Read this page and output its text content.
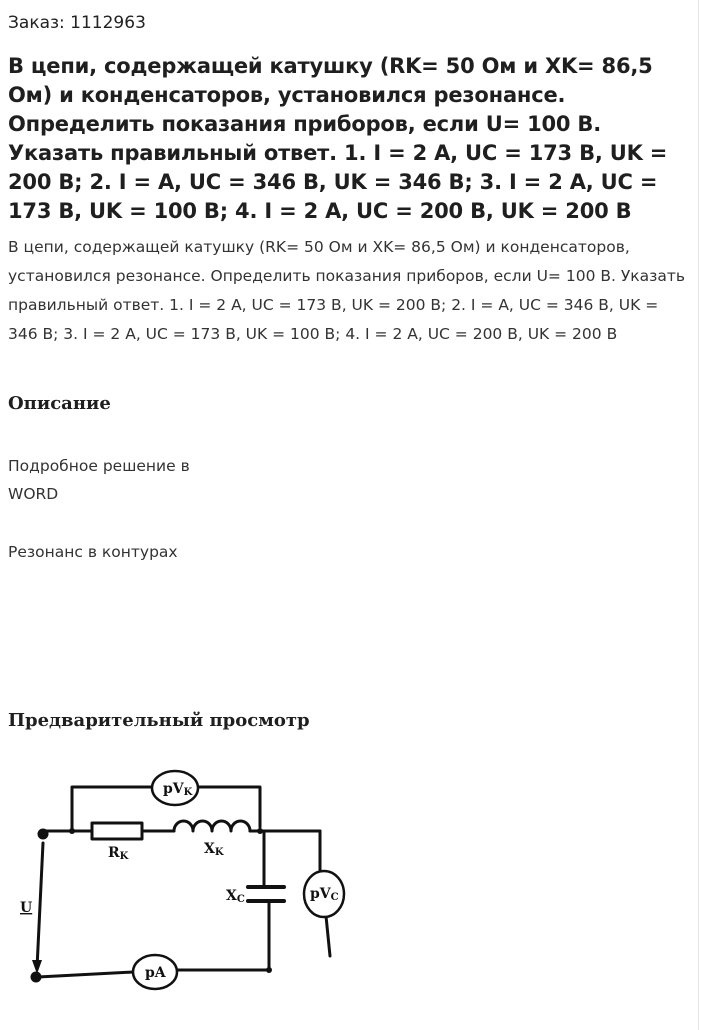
Заказ: 1112963
В цепи, содержащей катушку (RK= 50 Ом и XK= 86,5 Ом) и конденсаторов, установился резонансе. Определить показания приборов, если U= 100 В. Указать правильный ответ. 1. I = 2 А, UC = 173 В, UK = 200 В; 2. I = А, UC = 346 В, UK = 346 В; 3. I = 2 А, UC = 173 В, UK = 100 В; 4. I = 2 А, UC = 200 В, UK = 200 В

В цепи, содержащей катушку (RK= 50 Ом и XK= 86,5 Ом) и конденсаторов, установился резонансе. Определить показания приборов, если U= 100 В. Указать правильный ответ. 1. I = 2 А, UC = 173 В, UK = 200 В; 2. I = А, UC = 346 В, UK = 346 В; 3. I = 2 А, UC = 173 В, UK = 100 В; 4. I = 2 А, UC = 200 В, UK = 200 В

Описание

Подробное решение в

WORD

Резонанс в контурах

Предварительный просмотр
pVK
pVC
pA
RK	XK
XC
U
